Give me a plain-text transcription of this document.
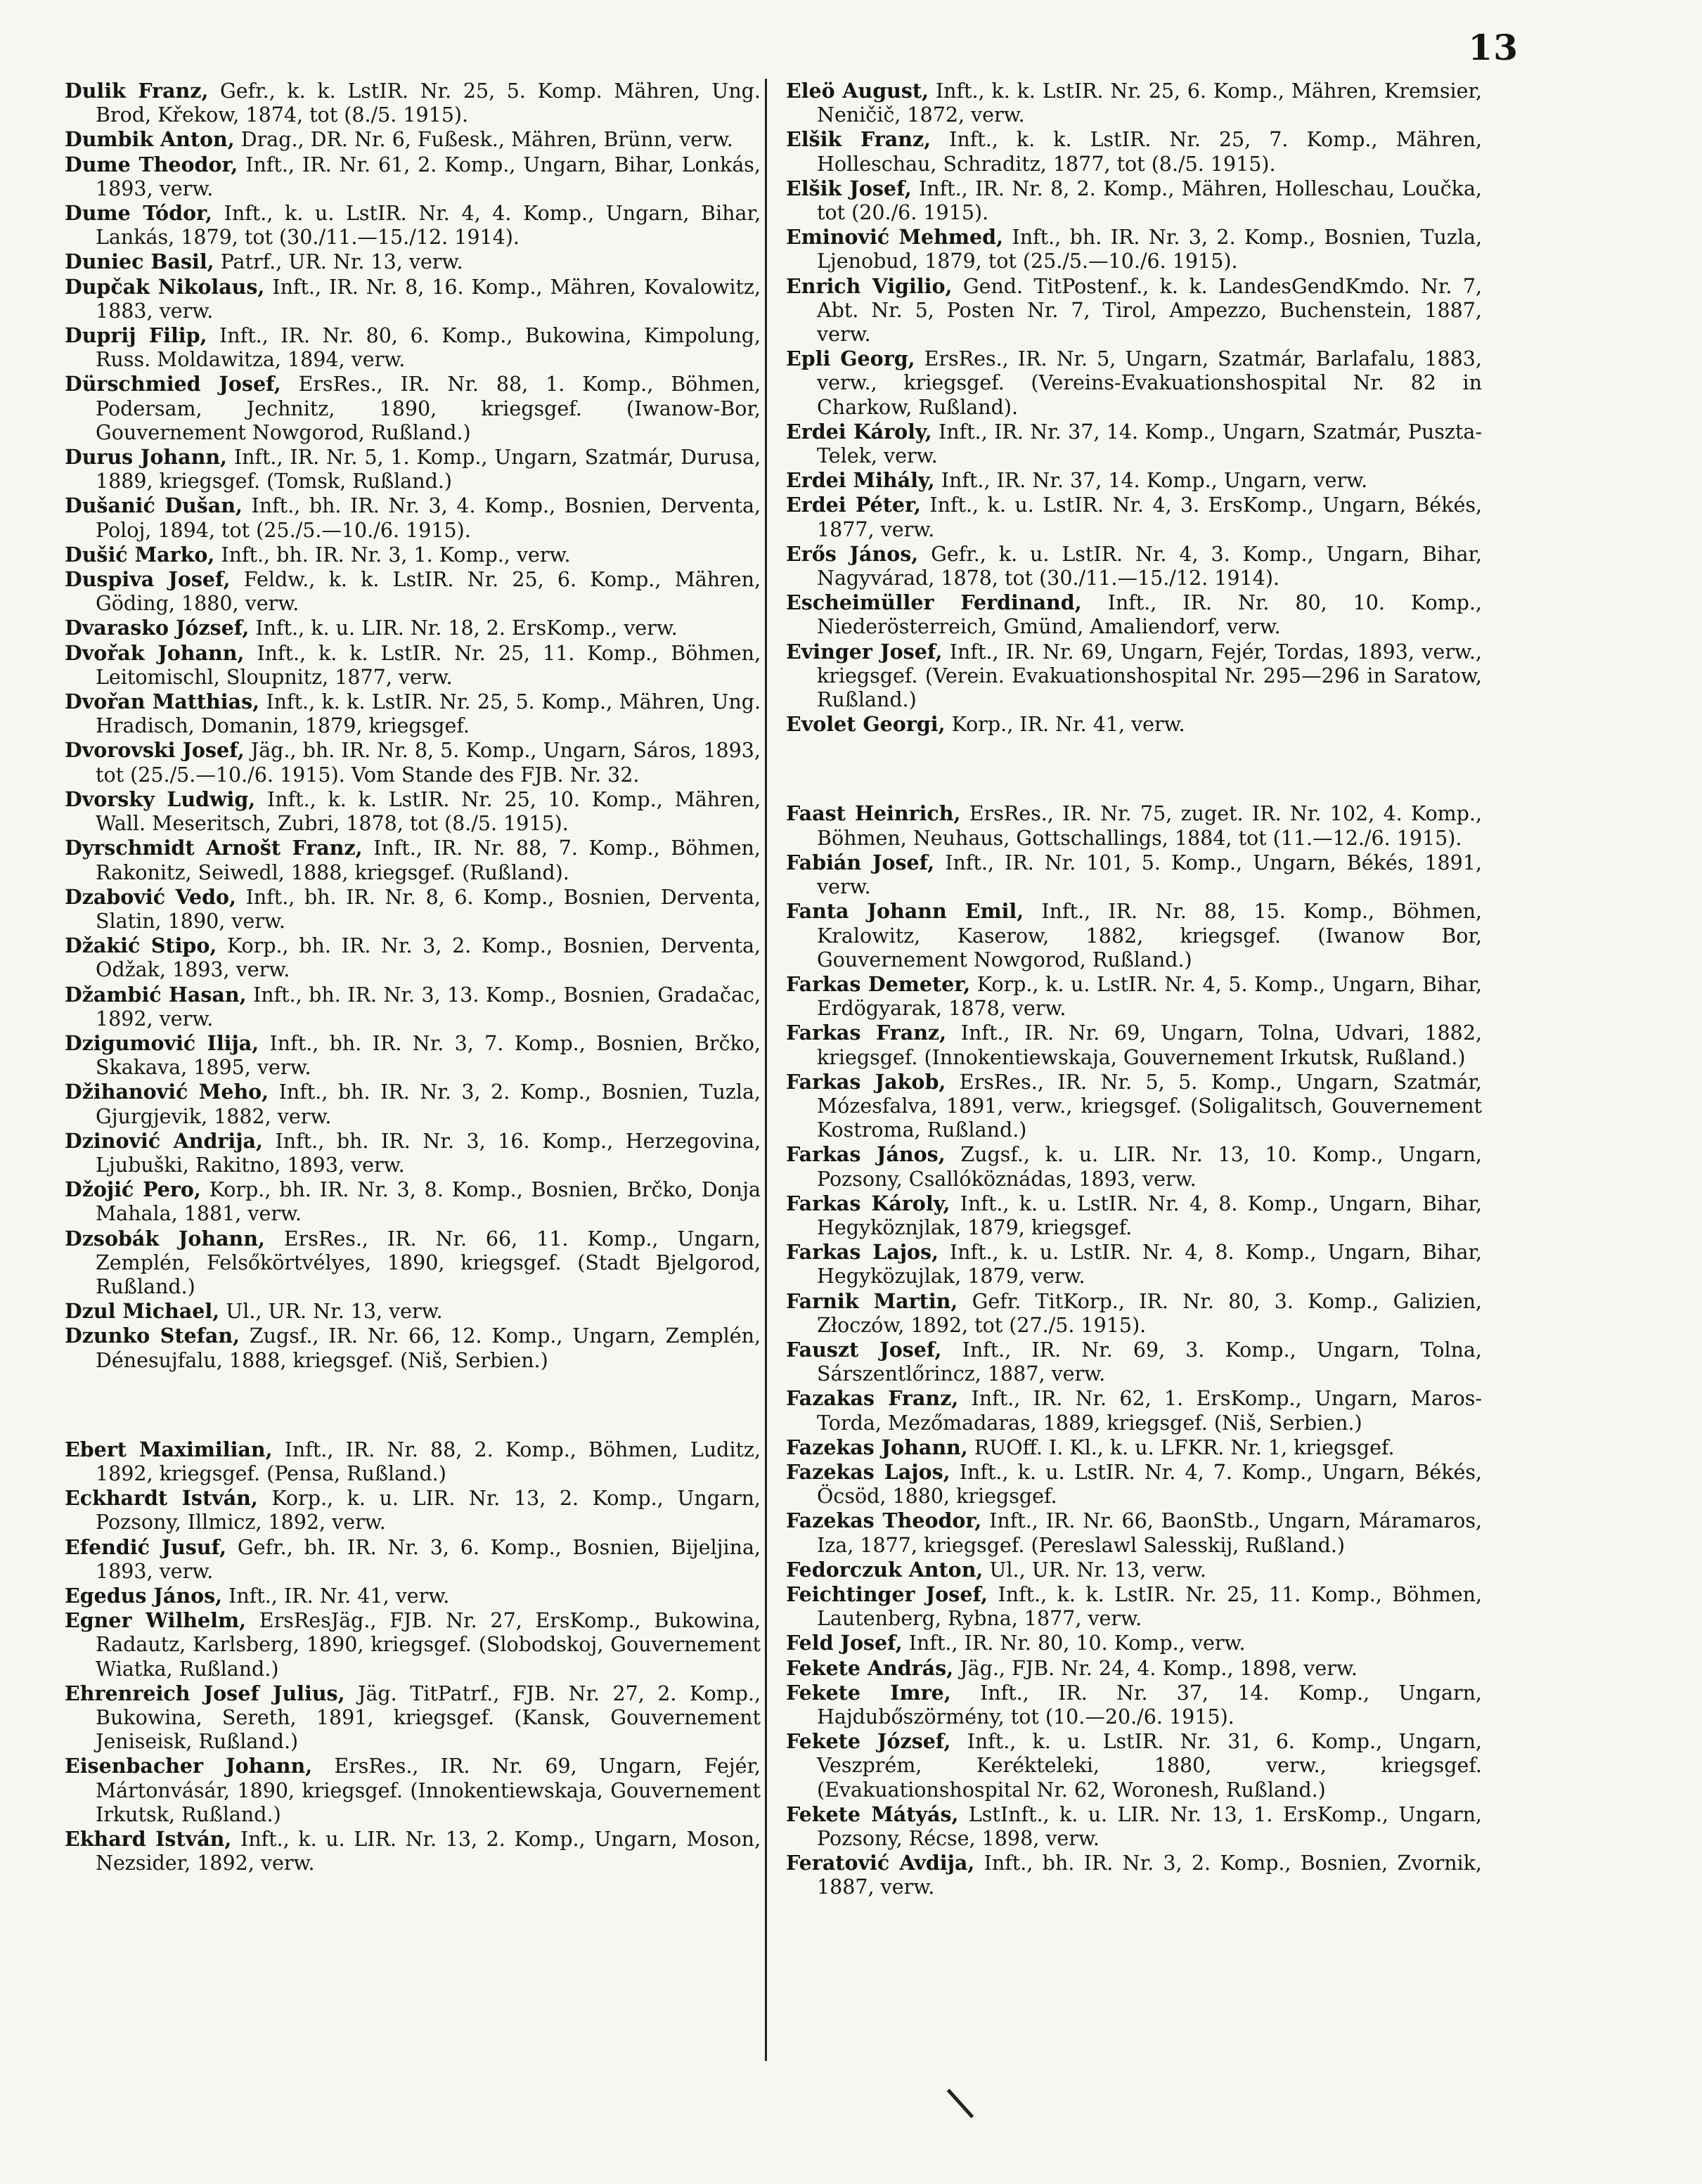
13

Dulik Franz, Gefr., k. k. LstIR. Nr. 25, 5. Komp. Mähren, Ung. Brod, Křekow, 1874, tot (8./5. 1915).

Dumbik Anton, Drag., DR. Nr. 6, Fußesk., Mähren, Brünn, verw.

Dume Theodor, Inft., IR. Nr. 61, 2. Komp., Ungarn, Bihar, Lonkás, 1893, verw.

Dume Tódor, Inft., k. u. LstIR. Nr. 4, 4. Komp., Ungarn, Bihar, Lankás, 1879, tot (30./11.—15./12. 1914).

Duniec Basil, Patrf., UR. Nr. 13, verw.

Dupčak Nikolaus, Inft., IR. Nr. 8, 16. Komp., Mähren, Kovalowitz, 1883, verw.

Duprij Filip, Inft., IR. Nr. 80, 6. Komp., Bukowina, Kimpolung, Russ. Moldawitza, 1894, verw.

Dürschmied Josef, ErsRes., IR. Nr. 88, 1. Komp., Böhmen, Podersam, Jechnitz, 1890, kriegsgef. (Iwanow-Bor, Gouvernement Nowgorod, Rußland.)

Durus Johann, Inft., IR. Nr. 5, 1. Komp., Ungarn, Szatmár, Durusa, 1889, kriegsgef. (Tomsk, Rußland.)

Dušanić Dušan, Inft., bh. IR. Nr. 3, 4. Komp., Bosnien, Derventa, Poloj, 1894, tot (25./5.—10./6. 1915).

Dušić Marko, Inft., bh. IR. Nr. 3, 1. Komp., verw.

Duspiva Josef, Feldw., k. k. LstIR. Nr. 25, 6. Komp., Mähren, Göding, 1880, verw.

Dvarasko József, Inft., k. u. LIR. Nr. 18, 2. ErsKomp., verw.

Dvořak Johann, Inft., k. k. LstIR. Nr. 25, 11. Komp., Böhmen, Leitomischl, Sloupnitz, 1877, verw.

Dvořan Matthias, Inft., k. k. LstIR. Nr. 25, 5. Komp., Mähren, Ung. Hradisch, Domanin, 1879, kriegsgef.

Dvorovski Josef, Jäg., bh. IR. Nr. 8, 5. Komp., Ungarn, Sáros, 1893, tot (25./5.—10./6. 1915). Vom Stande des FJB. Nr. 32.

Dvorsky Ludwig, Inft., k. k. LstIR. Nr. 25, 10. Komp., Mähren, Wall. Meseritsch, Zubri, 1878, tot (8./5. 1915).

Dyrschmidt Arnošt Franz, Inft., IR. Nr. 88, 7. Komp., Böhmen, Rakonitz, Seiwedl, 1888, kriegsgef. (Rußland).

Dzabović Vedo, Inft., bh. IR. Nr. 8, 6. Komp., Bosnien, Derventa, Slatin, 1890, verw.

Džakić Stipo, Korp., bh. IR. Nr. 3, 2. Komp., Bosnien, Derventa, Odžak, 1893, verw.

Džambić Hasan, Inft., bh. IR. Nr. 3, 13. Komp., Bosnien, Gradačac, 1892, verw.

Dzigumović Ilija, Inft., bh. IR. Nr. 3, 7. Komp., Bosnien, Brčko, Skakava, 1895, verw.

Džihanović Meho, Inft., bh. IR. Nr. 3, 2. Komp., Bosnien, Tuzla, Gjurgjevik, 1882, verw.

Dzinović Andrija, Inft., bh. IR. Nr. 3, 16. Komp., Herzegovina, Ljubuški, Rakitno, 1893, verw.

Džojić Pero, Korp., bh. IR. Nr. 3, 8. Komp., Bosnien, Brčko, Donja Mahala, 1881, verw.

Dzsobák Johann, ErsRes., IR. Nr. 66, 11. Komp., Ungarn, Zemplén, Felsőkörtvélyes, 1890, kriegsgef. (Stadt Bjelgorod, Rußland.)

Dzul Michael, Ul., UR. Nr. 13, verw.

Dzunko Stefan, Zugsf., IR. Nr. 66, 12. Komp., Ungarn, Zemplén, Dénesujfalu, 1888, kriegsgef. (Niš, Serbien.)

Ebert Maximilian, Inft., IR. Nr. 88, 2. Komp., Böhmen, Luditz, 1892, kriegsgef. (Pensa, Rußland.)

Eckhardt István, Korp., k. u. LIR. Nr. 13, 2. Komp., Ungarn, Pozsony, Illmicz, 1892, verw.

Efendić Jusuf, Gefr., bh. IR. Nr. 3, 6. Komp., Bosnien, Bijeljina, 1893, verw.

Egedus János, Inft., IR. Nr. 41, verw.

Egner Wilhelm, ErsResJäg., FJB. Nr. 27, ErsKomp., Bukowina, Radautz, Karlsberg, 1890, kriegsgef. (Slobodskoj, Gouvernement Wiatka, Rußland.)

Ehrenreich Josef Julius, Jäg. TitPatrf., FJB. Nr. 27, 2. Komp., Bukowina, Sereth, 1891, kriegsgef. (Kansk, Gouvernement Jeniseisk, Rußland.)

Eisenbacher Johann, ErsRes., IR. Nr. 69, Ungarn, Fejér, Mártonvásár, 1890, kriegsgef. (Innokentiewskaja, Gouvernement Irkutsk, Rußland.)

Ekhard István, Inft., k. u. LIR. Nr. 13, 2. Komp., Ungarn, Moson, Nezsider, 1892, verw.

Eleö August, Inft., k. k. LstIR. Nr. 25, 6. Komp., Mähren, Kremsier, Neničič, 1872, verw.

Elšik Franz, Inft., k. k. LstIR. Nr. 25, 7. Komp., Mähren, Holleschau, Schraditz, 1877, tot (8./5. 1915).

Elšik Josef, Inft., IR. Nr. 8, 2. Komp., Mähren, Holleschau, Loučka, tot (20./6. 1915).

Eminović Mehmed, Inft., bh. IR. Nr. 3, 2. Komp., Bosnien, Tuzla, Ljenobud, 1879, tot (25./5.—10./6. 1915).

Enrich Vigilio, Gend. TitPostenf., k. k. LandesGendKmdo. Nr. 7, Abt. Nr. 5, Posten Nr. 7, Tirol, Ampezzo, Buchenstein, 1887, verw.

Epli Georg, ErsRes., IR. Nr. 5, Ungarn, Szatmár, Barlafalu, 1883, verw., kriegsgef. (Vereins-Evakuationshospital Nr. 82 in Charkow, Rußland).

Erdei Károly, Inft., IR. Nr. 37, 14. Komp., Ungarn, Szatmár, Puszta-Telek, verw.

Erdei Mihály, Inft., IR. Nr. 37, 14. Komp., Ungarn, verw.

Erdei Péter, Inft., k. u. LstIR. Nr. 4, 3. ErsKomp., Ungarn, Békés, 1877, verw.

Erős János, Gefr., k. u. LstIR. Nr. 4, 3. Komp., Ungarn, Bihar, Nagyvárad, 1878, tot (30./11.—15./12. 1914).

Escheimüller Ferdinand, Inft., IR. Nr. 80, 10. Komp., Niederösterreich, Gmünd, Amaliendorf, verw.

Evinger Josef, Inft., IR. Nr. 69, Ungarn, Fejér, Tordas, 1893, verw., kriegsgef. (Verein. Evakuationshospital Nr. 295—296 in Saratow, Rußland.)

Evolet Georgi, Korp., IR. Nr. 41, verw.

Faast Heinrich, ErsRes., IR. Nr. 75, zuget. IR. Nr. 102, 4. Komp., Böhmen, Neuhaus, Gottschallings, 1884, tot (11.—12./6. 1915).

Fabián Josef, Inft., IR. Nr. 101, 5. Komp., Ungarn, Békés, 1891, verw.

Fanta Johann Emil, Inft., IR. Nr. 88, 15. Komp., Böhmen, Kralowitz, Kaserow, 1882, kriegsgef. (Iwanow Bor, Gouvernement Nowgorod, Rußland.)

Farkas Demeter, Korp., k. u. LstIR. Nr. 4, 5. Komp., Ungarn, Bihar, Erdögyarak, 1878, verw.

Farkas Franz, Inft., IR. Nr. 69, Ungarn, Tolna, Udvari, 1882, kriegsgef. (Innokentiewskaja, Gouvernement Irkutsk, Rußland.)

Farkas Jakob, ErsRes., IR. Nr. 5, 5. Komp., Ungarn, Szatmár, Mózesfalva, 1891, verw., kriegsgef. (Soligalitsch, Gouvernement Kostroma, Rußland.)

Farkas János, Zugsf., k. u. LIR. Nr. 13, 10. Komp., Ungarn, Pozsony, Csallóköznádas, 1893, verw.

Farkas Károly, Inft., k. u. LstIR. Nr. 4, 8. Komp., Ungarn, Bihar, Hegyköznjlak, 1879, kriegsgef.

Farkas Lajos, Inft., k. u. LstIR. Nr. 4, 8. Komp., Ungarn, Bihar, Hegyközujlak, 1879, verw.

Farnik Martin, Gefr. TitKorp., IR. Nr. 80, 3. Komp., Galizien, Złoczów, 1892, tot (27./5. 1915).

Fauszt Josef, Inft., IR. Nr. 69, 3. Komp., Ungarn, Tolna, Sárszentlőrincz, 1887, verw.

Fazakas Franz, Inft., IR. Nr. 62, 1. ErsKomp., Ungarn, Maros-Torda, Mezőmadaras, 1889, kriegsgef. (Niš, Serbien.)

Fazekas Johann, RUOff. I. Kl., k. u. LFKR. Nr. 1, kriegsgef.

Fazekas Lajos, Inft., k. u. LstIR. Nr. 4, 7. Komp., Ungarn, Békés, Öcsöd, 1880, kriegsgef.

Fazekas Theodor, Inft., IR. Nr. 66, BaonStb., Ungarn, Máramaros, Iza, 1877, kriegsgef. (Pereslawl Salesskij, Rußland.)

Fedorczuk Anton, Ul., UR. Nr. 13, verw.

Feichtinger Josef, Inft., k. k. LstIR. Nr. 25, 11. Komp., Böhmen, Lautenberg, Rybna, 1877, verw.

Feld Josef, Inft., IR. Nr. 80, 10. Komp., verw.

Fekete András, Jäg., FJB. Nr. 24, 4. Komp., 1898, verw.

Fekete Imre, Inft., IR. Nr. 37, 14. Komp., Ungarn, Hajdubőszörmény, tot (10.—20./6. 1915).

Fekete József, Inft., k. u. LstIR. Nr. 31, 6. Komp., Ungarn, Veszprém, Kerékteleki, 1880, verw., kriegsgef. (Evakuationshospital Nr. 62, Woronesh, Rußland.)

Fekete Mátyás, LstInft., k. u. LIR. Nr. 13, 1. ErsKomp., Ungarn, Pozsony, Récse, 1898, verw.

Feratović Avdija, Inft., bh. IR. Nr. 3, 2. Komp., Bosnien, Zvornik, 1887, verw.
